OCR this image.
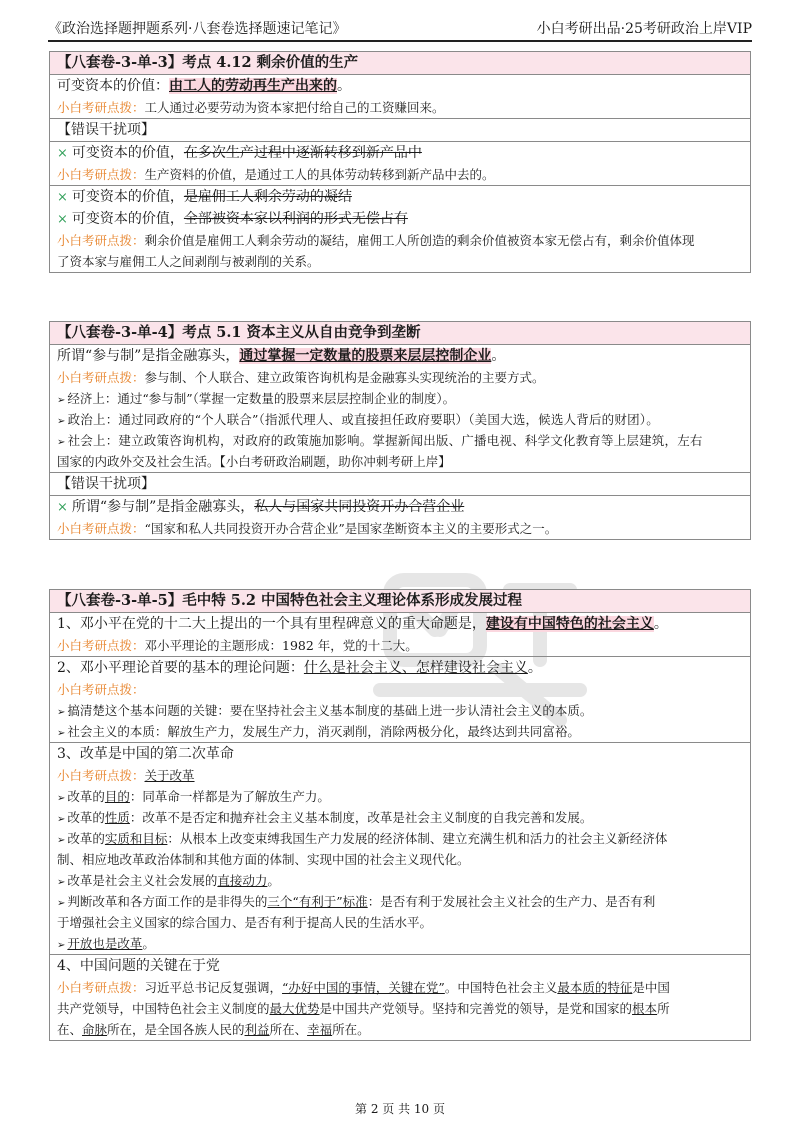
《政治选择题押题系列·八套卷选择题速记笔记》	小白考研出品·25考研政治上岸VIP
【八套卷-3-单-3】考点 4.12 剩余价值的生产
可变资本的价值：由工人的劳动再生产出来的。
小白考研点拨：工人通过必要劳动为资本家把付给自己的工资赚回来。
【错误干扰项】
× 可变资本的价值，在多次生产过程中逐渐转移到新产品中
小白考研点拨：生产资料的价值，是通过工人的具体劳动转移到新产品中去的。
× 可变资本的价值，是雇佣工人剩余劳动的凝结
× 可变资本的价值，全部被资本家以利润的形式无偿占有
小白考研点拨：剩余价值是雇佣工人剩余劳动的凝结，雇佣工人所创造的剩余价值被资本家无偿占有，剩余价值体现
了资本家与雇佣工人之间剥削与被剥削的关系。
【八套卷-3-单-4】考点 5.1 资本主义从自由竞争到垄断
所谓“参与制”是指金融寡头，通过掌握一定数量的股票来层层控制企业。
小白考研点拨：参与制、个人联合、建立政策咨询机构是金融寡头实现统治的主要方式。
➢ 经济上：通过“参与制”（掌握一定数量的股票来层层控制企业的制度）。
➢ 政治上：通过同政府的“个人联合”（指派代理人、或直接担任政府要职）（美国大选，候选人背后的财团）。
➢ 社会上：建立政策咨询机构，对政府的政策施加影响。掌握新闻出版、广播电视、科学文化教育等上层建筑，左右
国家的内政外交及社会生活。【小白考研政治刷题，助你冲刺考研上岸】
【错误干扰项】
× 所谓“参与制”是指金融寡头，私人与国家共同投资开办合营企业
小白考研点拨：“国家和私人共同投资开办合营企业”是国家垄断资本主义的主要形式之一。
【八套卷-3-单-5】毛中特 5.2 中国特色社会主义理论体系形成发展过程
1、邓小平在党的十二大上提出的一个具有里程碑意义的重大命题是，建设有中国特色的社会主义。
小白考研点拨：邓小平理论的主题形成：1982 年，党的十二大。
2、邓小平理论首要的基本的理论问题：什么是社会主义、怎样建设社会主义。
小白考研点拨：
➢ 搞清楚这个基本问题的关键：要在坚持社会主义基本制度的基础上进一步认清社会主义的本质。
➢ 社会主义的本质：解放生产力，发展生产力，消灭剥削，消除两极分化，最终达到共同富裕。
3、改革是中国的第二次革命
小白考研点拨：关于改革
➢ 改革的目的：同革命一样都是为了解放生产力。
➢ 改革的性质：改革不是否定和抛弃社会主义基本制度，改革是社会主义制度的自我完善和发展。
➢ 改革的实质和目标：从根本上改变束缚我国生产力发展的经济体制、建立充满生机和活力的社会主义新经济体
制、相应地改革政治体制和其他方面的体制、实现中国的社会主义现代化。
➢ 改革是社会主义社会发展的直接动力。
➢ 判断改革和各方面工作的是非得失的三个“有利于”标准：是否有利于发展社会主义社会的生产力、是否有利
于增强社会主义国家的综合国力、是否有利于提高人民的生活水平。
➢ 开放也是改革。
4、中国问题的关键在于党
小白考研点拨：习近平总书记反复强调，“办好中国的事情，关键在党”。中国特色社会主义最本质的特征是中国
共产党领导，中国特色社会主义制度的最大优势是中国共产党领导。坚持和完善党的领导，是党和国家的根本所
在、命脉所在，是全国各族人民的利益所在、幸福所在。
第 2 页 共 10 页
